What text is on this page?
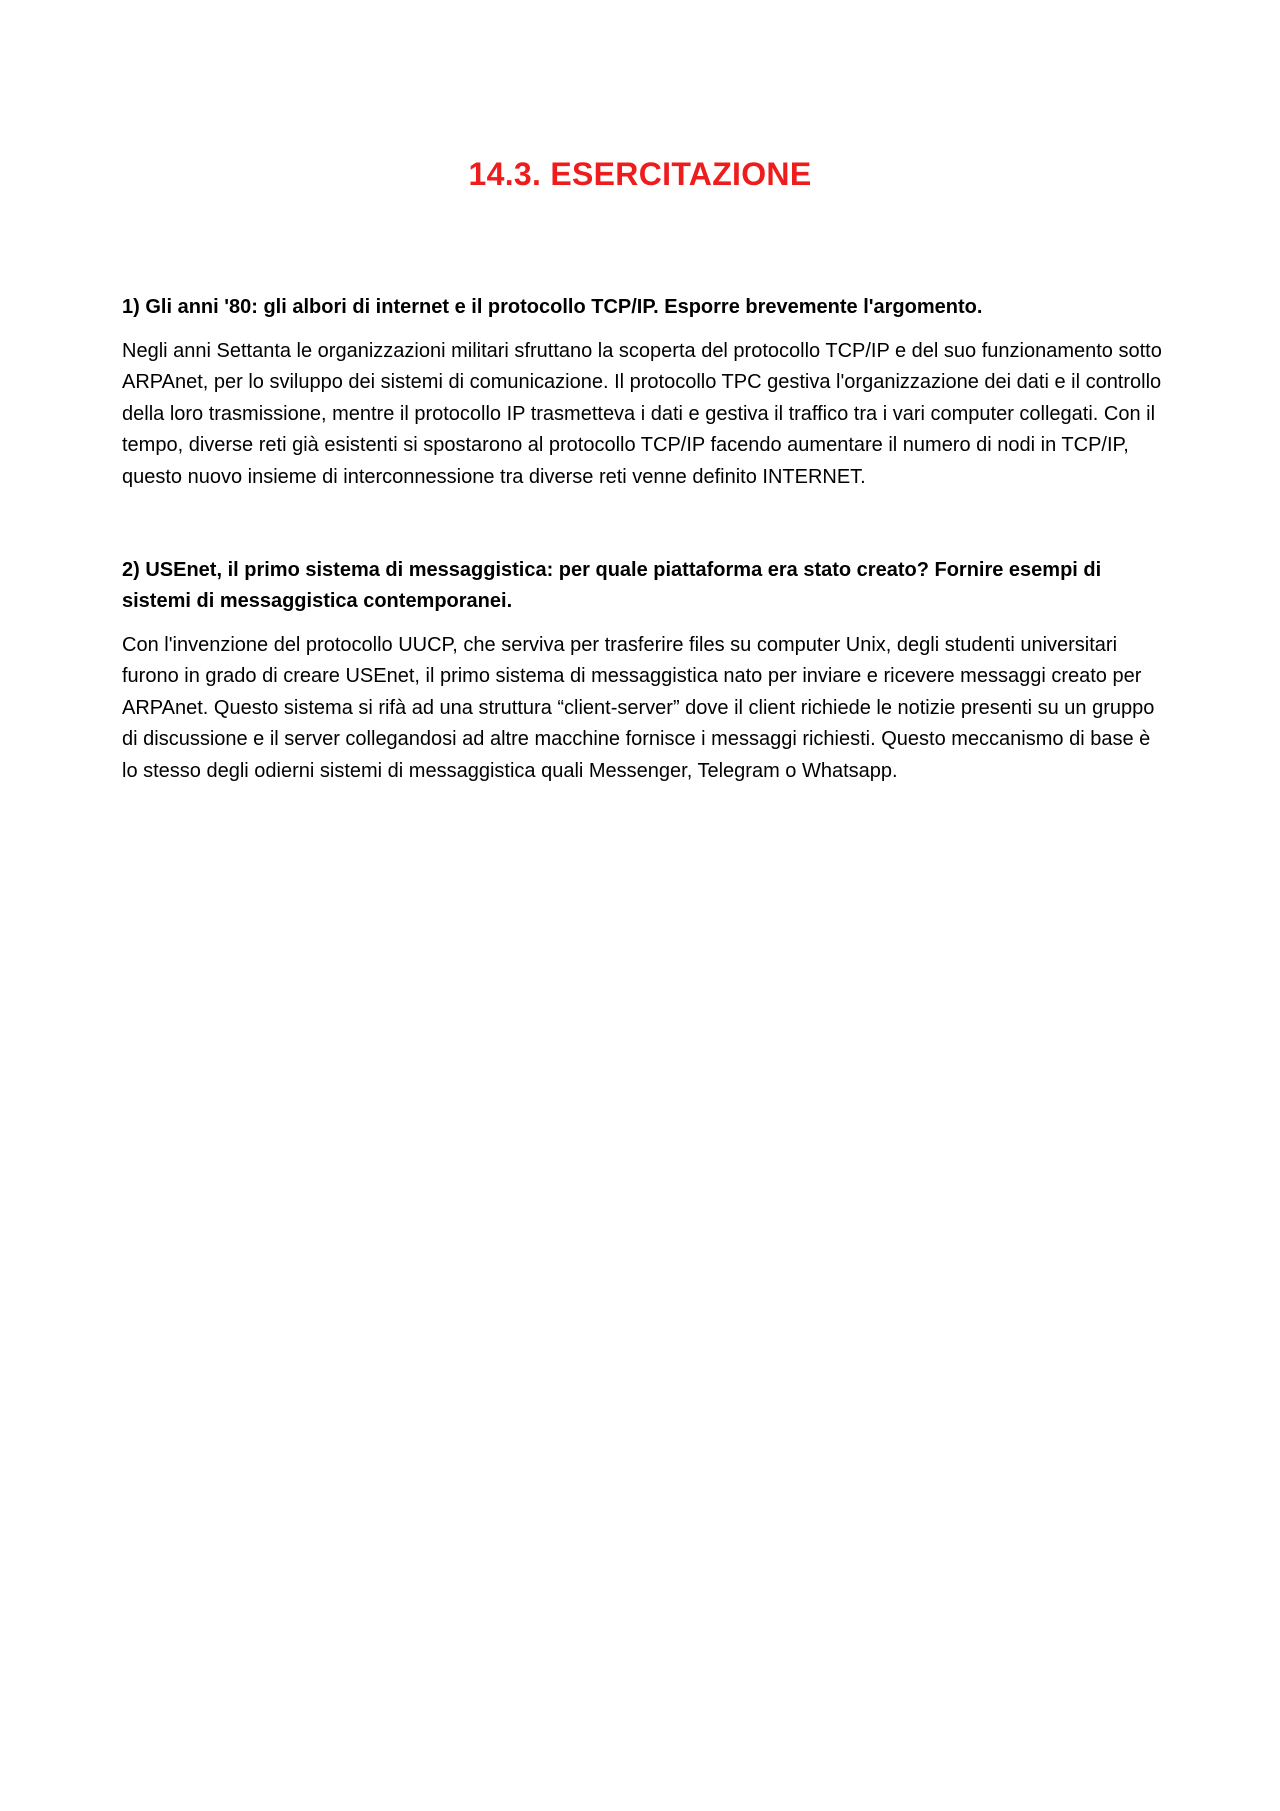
14.3. ESERCITAZIONE

1) Gli anni '80: gli albori di internet e il protocollo TCP/IP. Esporre brevemente l'argomento.

Negli anni Settanta le organizzazioni militari sfruttano la scoperta del protocollo TCP/IP e del suo funzionamento sotto ARPAnet, per lo sviluppo dei sistemi di comunicazione. Il protocollo TPC gestiva l'organizzazione dei dati e il controllo della loro trasmissione, mentre il protocollo IP trasmetteva i dati e gestiva il traffico tra i vari computer collegati. Con il tempo, diverse reti già esistenti si spostarono al protocollo TCP/IP facendo aumentare il numero di nodi in TCP/IP, questo nuovo insieme di interconnessione tra diverse reti venne definito INTERNET.

2) USEnet, il primo sistema di messaggistica: per quale piattaforma era stato creato? Fornire esempi di sistemi di messaggistica contemporanei.

Con l'invenzione del protocollo UUCP, che serviva per trasferire files su computer Unix, degli studenti universitari furono in grado di creare USEnet, il primo sistema di messaggistica nato per inviare e ricevere messaggi creato per ARPAnet. Questo sistema si rifà ad una struttura “client-server” dove il client richiede le notizie presenti su un gruppo di discussione e il server collegandosi ad altre macchine fornisce i messaggi richiesti. Questo meccanismo di base è lo stesso degli odierni sistemi di messaggistica quali Messenger, Telegram o Whatsapp.
